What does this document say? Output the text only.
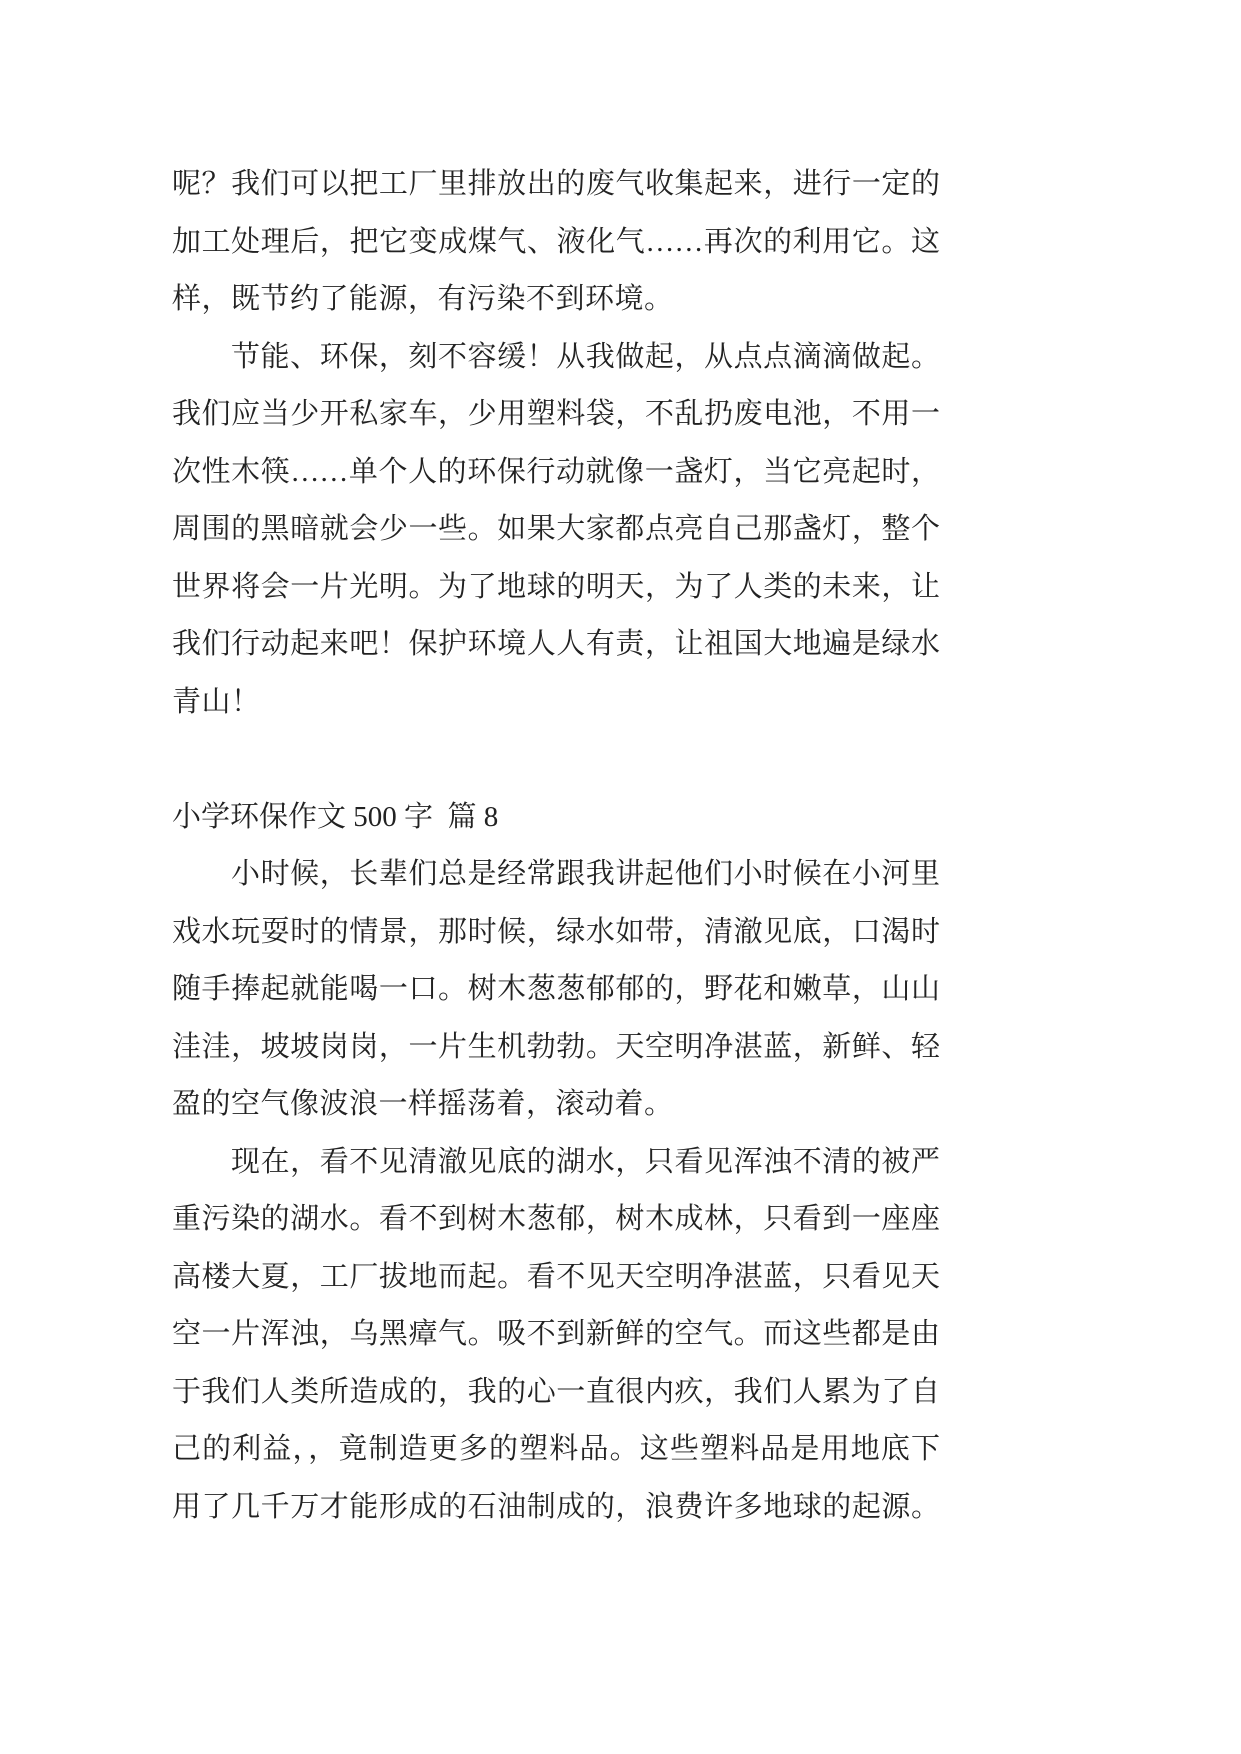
呢？我们可以把工厂里排放出的废气收集起来，进行一定的
加工处理后，把它变成煤气、液化气……再次的利用它。这
样，既节约了能源，有污染不到环境。
节能、环保，刻不容缓！从我做起，从点点滴滴做起。
我们应当少开私家车，少用塑料袋，不乱扔废电池，不用一
次性木筷……单个人的环保行动就像一盏灯，当它亮起时，
周围的黑暗就会少一些。如果大家都点亮自己那盏灯，整个
世界将会一片光明。为了地球的明天，为了人类的未来，让
我们行动起来吧！保护环境人人有责，让祖国大地遍是绿水
青山！
小学环保作文 500 字  篇 8
小时候，长辈们总是经常跟我讲起他们小时候在小河里
戏水玩耍时的情景，那时候，绿水如带，清澈见底，口渴时
随手捧起就能喝一口。树木葱葱郁郁的，野花和嫩草，山山
洼洼，坡坡岗岗，一片生机勃勃。天空明净湛蓝，新鲜、轻
盈的空气像波浪一样摇荡着，滚动着。
现在，看不见清澈见底的湖水，只看见浑浊不清的被严
重污染的湖水。看不到树木葱郁，树木成林，只看到一座座
高楼大夏，工厂拔地而起。看不见天空明净湛蓝，只看见天
空一片浑浊，乌黑瘴气。吸不到新鲜的空气。而这些都是由
于我们人类所造成的，我的心一直很内疚，我们人累为了自
己的利益，，竟制造更多的塑料品。这些塑料品是用地底下
用了几千万才能形成的石油制成的，浪费许多地球的起源。
